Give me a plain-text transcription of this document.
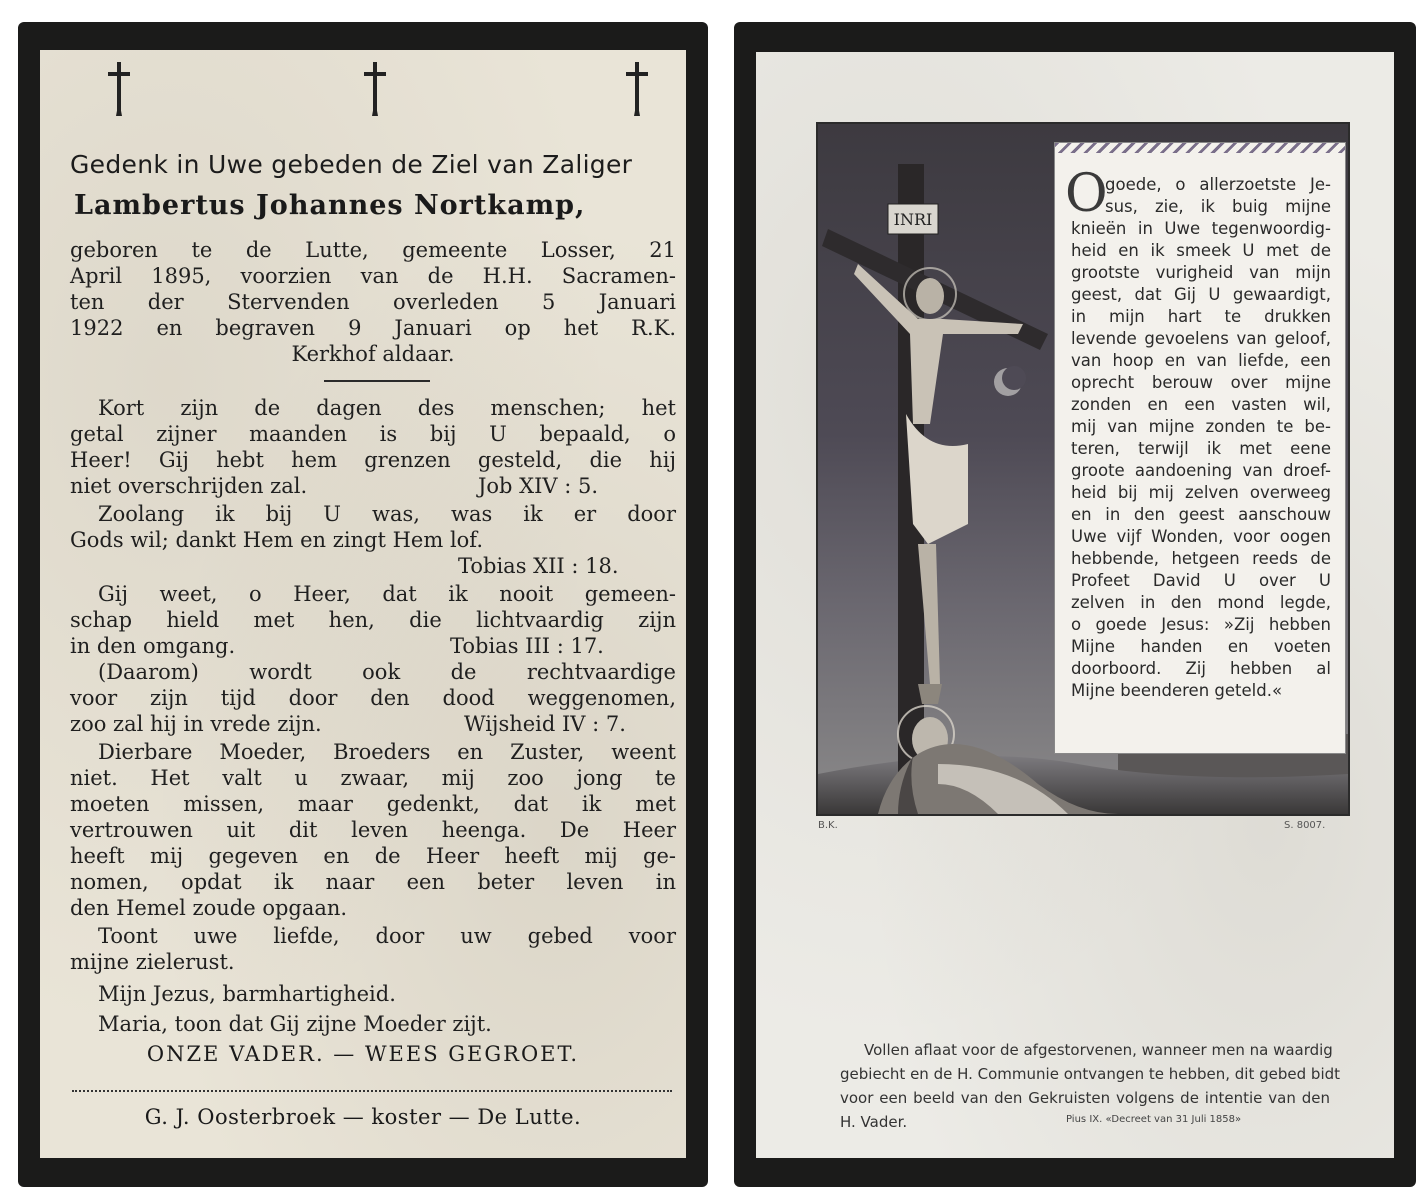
Gedenk in Uwe gebeden de Ziel van Zaliger
Lambertus Johannes Nortkamp,
geboren te de Lutte, gemeente Losser, 21
April 1895, voorzien van de H.H. Sacramen-
ten der Stervenden overleden 5 Januari
1922 en begraven 9 Januari op het R.K.
Kerkhof aldaar.
Kort zijn de dagen des menschen; het
getal zijner maanden is bij U bepaald, o
Heer! Gij hebt hem grenzen gesteld, die hij
niet overschrijden zal.	Job XIV : 5.
Zoolang ik bij U was, was ik er door
Gods wil; dankt Hem en zingt Hem lof.
Tobias XII : 18.
Gij weet, o Heer, dat ik nooit gemeen-
schap hield met hen, die lichtvaardig zijn
in den omgang.	Tobias III : 17.
(Daarom) wordt ook de rechtvaardige
voor zijn tijd door den dood weggenomen,
zoo zal hij in vrede zijn.	Wijsheid IV : 7.
Dierbare Moeder, Broeders en Zuster, weent
niet. Het valt u zwaar, mij zoo jong te
moeten missen, maar gedenkt, dat ik met
vertrouwen uit dit leven heenga. De Heer
heeft mij gegeven en de Heer heeft mij ge-
nomen, opdat ik naar een beter leven in
den Hemel zoude opgaan.
Toont uwe liefde, door uw gebed voor
mijne zielerust.
Mijn Jezus, barmhartigheid.
Maria, toon dat Gij zijne Moeder zijt.
ONZE VADER. — WEES GEGROET.
G. J. Oosterbroek — koster — De Lutte.
INRI	O
goede, o allerzoetste Je-
sus, zie, ik buig mijne
knieën in Uwe tegenwoordig-
heid en ik smeek U met de
grootste vurigheid van mijn
geest, dat Gij U gewaardigt,
in mijn hart te drukken
levende gevoelens van geloof,
van hoop en van liefde, een
oprecht berouw over mijne
zonden en een vasten wil,
mij van mijne zonden te be-
teren, terwijl ik met eene
groote aandoening van droef-
heid bij mij zelven overweeg
en in den geest aanschouw
Uwe vijf Wonden, voor oogen
hebbende, hetgeen reeds de
Profeet David U over U
zelven in den mond legde,
o goede Jesus: »Zij hebben
Mijne handen en voeten
doorboord. Zij hebben al
Mijne beenderen geteld.«
B.K.	S. 8007.
Vollen aflaat voor de afgestorvenen, wanneer men na waardig
gebiecht en de H. Communie ontvangen te hebben, dit gebed bidt
voor een beeld van den Gekruisten volgens de intentie van den
H. Vader.	Pius IX. «Decreet van 31 Juli 1858»
